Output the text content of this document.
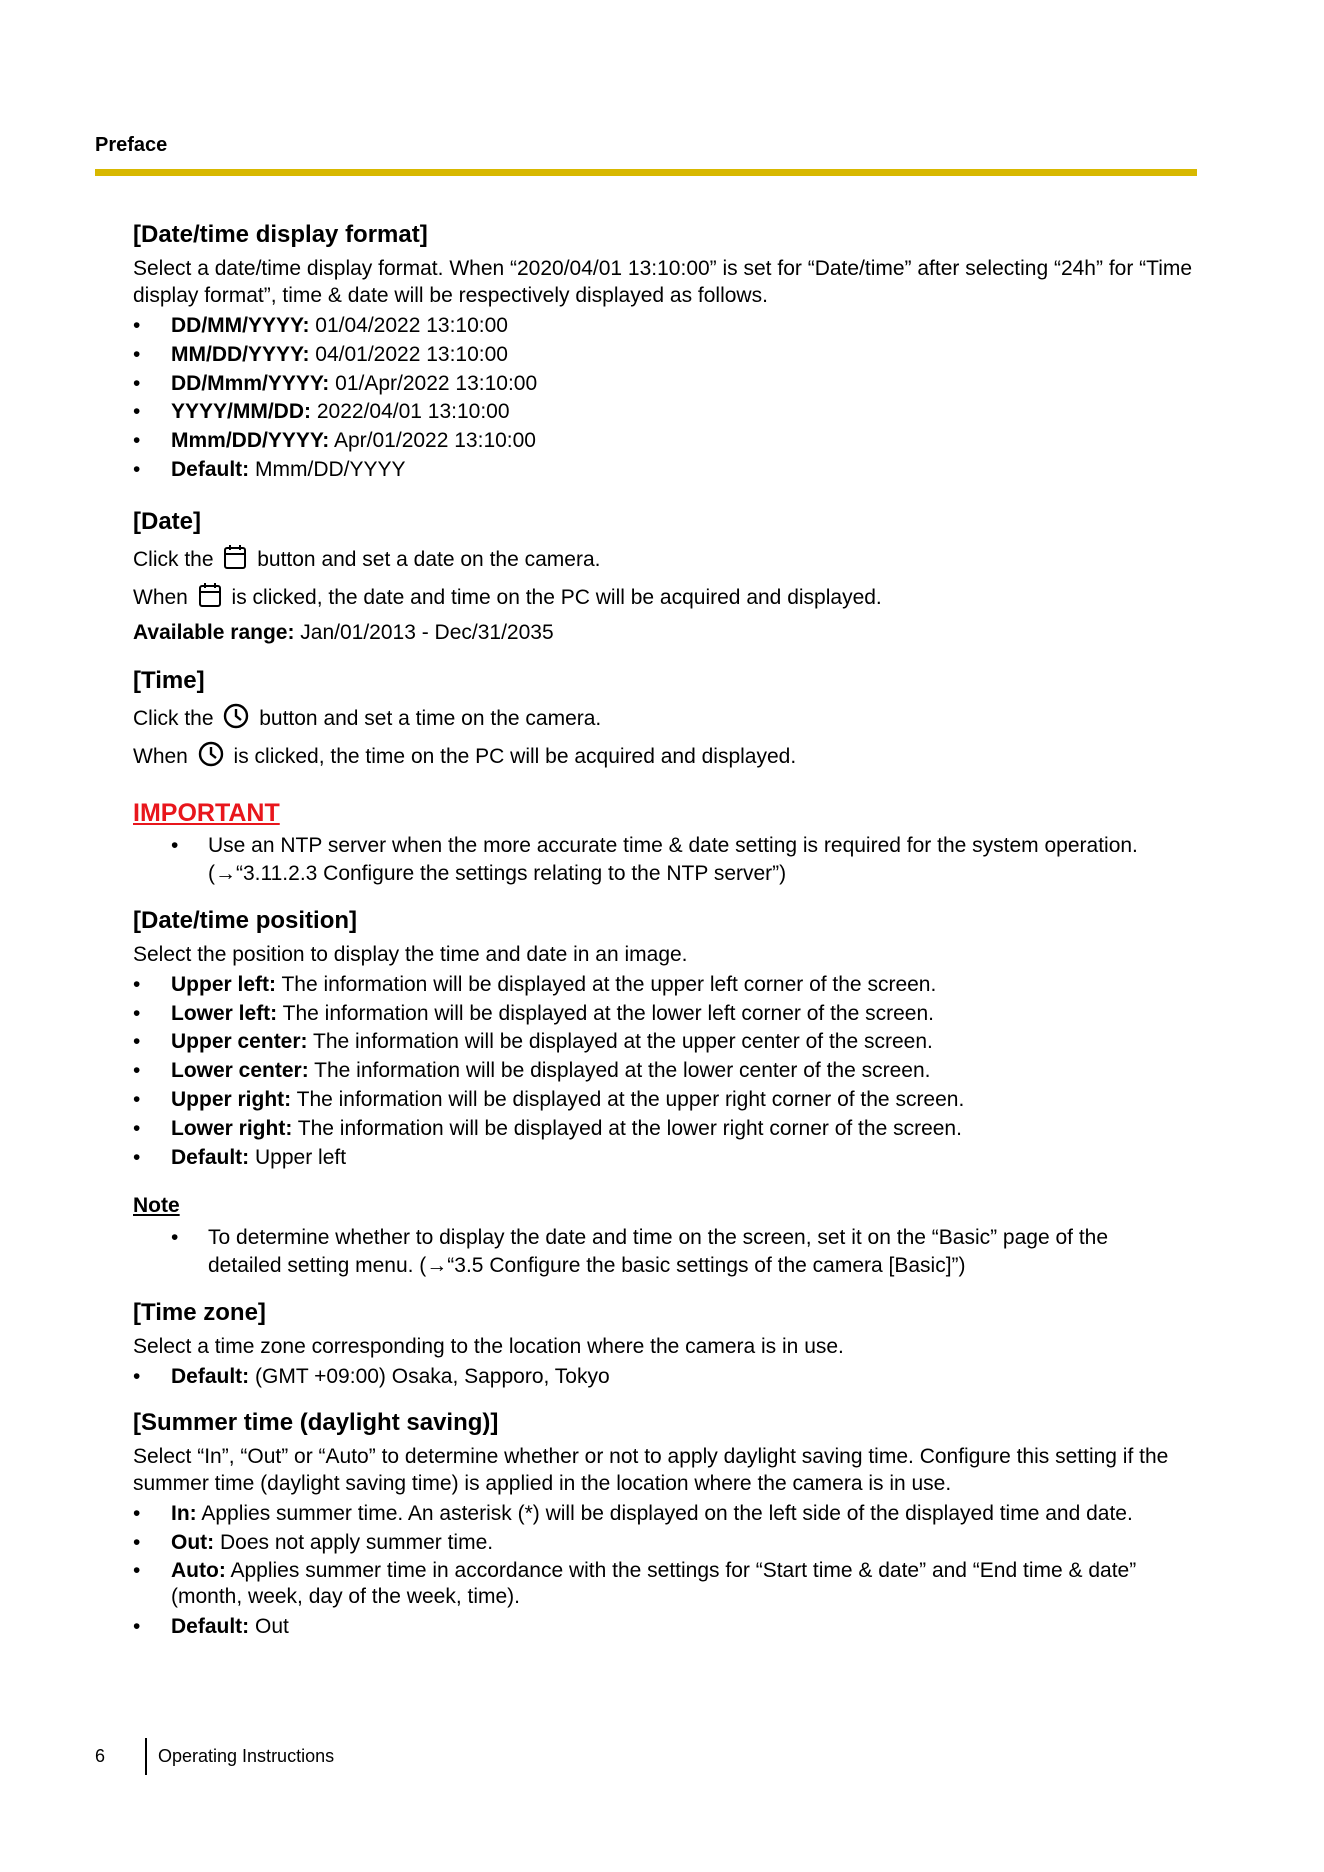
Preface
[Date/time display format]

Select a date/time display format. When “2020/04/01 13:10:00” is set for “Date/time” after selecting “24h” for “Time display format”, time & date will be respectively displayed as follows.

• DD/MM/YYYY: 01/04/2022 13:10:00
• MM/DD/YYYY: 04/01/2022 13:10:00
• DD/Mmm/YYYY: 01/Apr/2022 13:10:00
• YYYY/MM/DD: 2022/04/01 13:10:00
• Mmm/DD/YYYY: Apr/01/2022 13:10:00
• Default: Mmm/DD/YYYY
[Date]

Click the button and set a date on the camera.

When is clicked, the date and time on the PC will be acquired and displayed.

Available range: Jan/01/2013 - Dec/31/2035

[Time]

Click the button and set a time on the camera.

When is clicked, the time on the PC will be acquired and displayed.

IMPORTANT
• Use an NTP server when the more accurate time & date setting is required for the system operation.
(→“3.11.2.3 Configure the settings relating to the NTP server”)
[Date/time position]

Select the position to display the time and date in an image.

• Upper left: The information will be displayed at the upper left corner of the screen.
• Lower left: The information will be displayed at the lower left corner of the screen.
• Upper center: The information will be displayed at the upper center of the screen.
• Lower center: The information will be displayed at the lower center of the screen.
• Upper right: The information will be displayed at the upper right corner of the screen.
• Lower right: The information will be displayed at the lower right corner of the screen.
• Default: Upper left
Note
• To determine whether to display the date and time on the screen, set it on the “Basic” page of the
detailed setting menu. (→“3.5 Configure the basic settings of the camera [Basic]”)
[Time zone]

Select a time zone corresponding to the location where the camera is in use.

• Default: (GMT +09:00) Osaka, Sapporo, Tokyo
[Summer time (daylight saving)]

Select “In”, “Out” or “Auto” to determine whether or not to apply daylight saving time. Configure this setting if the summer time (daylight saving time) is applied in the location where the camera is in use.

• In: Applies summer time. An asterisk (*) will be displayed on the left side of the displayed time and date.
• Out: Does not apply summer time.
• Auto: Applies summer time in accordance with the settings for “Start time & date” and “End time & date” (month, week, day of the week, time).
• Default: Out
6	Operating Instructions
